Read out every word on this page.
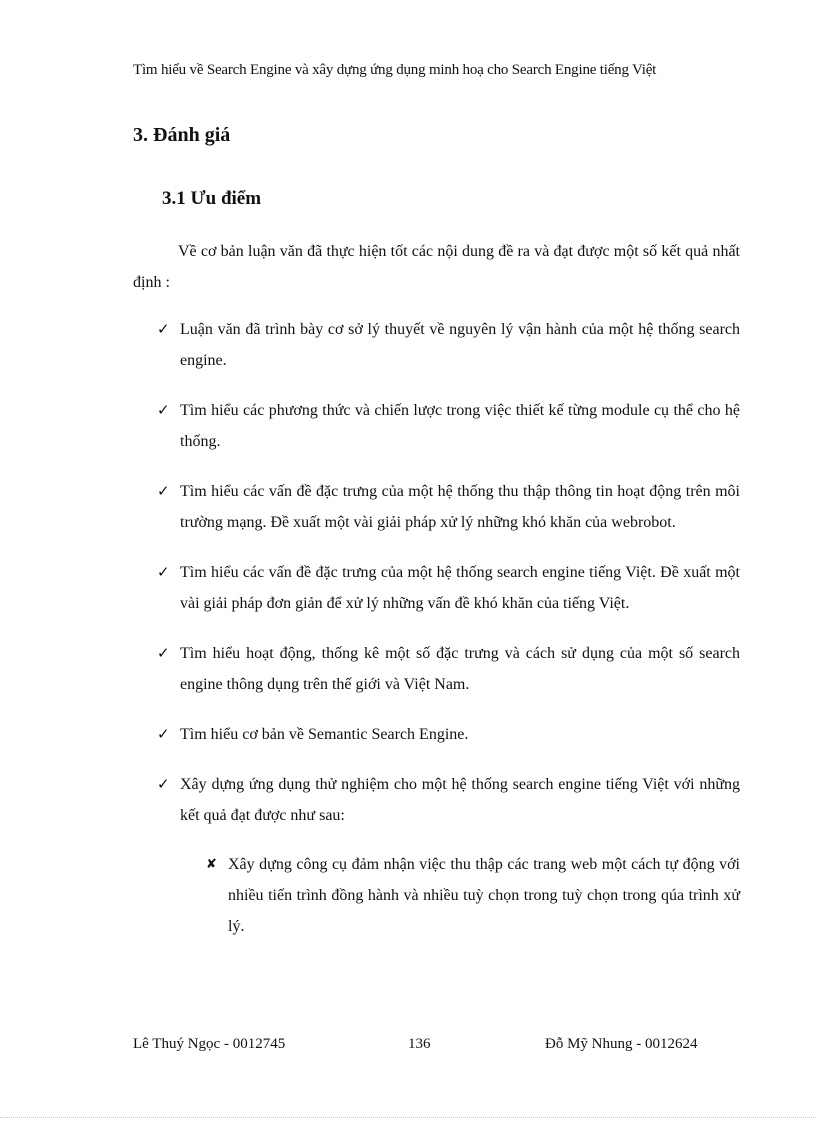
Tìm hiểu về Search Engine và xây dựng ứng dụng minh hoạ cho Search Engine tiếng Việt
3. Đánh giá
3.1 Ưu điểm

Về cơ bản luận văn đã thực hiện tốt các nội dung đề ra và đạt được một số kết quả nhất định :

✓ Luận văn đã trình bày cơ sở lý thuyết về nguyên lý vận hành của một hệ thống search engine.
✓ Tìm hiểu các phương thức và chiến lược trong việc thiết kế từng module cụ thể cho hệ thống.
✓ Tìm hiểu các vấn đề đặc trưng của một hệ thống thu thập thông tin hoạt động trên môi trường mạng. Đề xuất một vài giải pháp xử lý những khó khăn của webrobot.
✓ Tìm hiểu các vấn đề đặc trưng của một hệ thống search engine tiếng Việt. Đề xuất một vài giải pháp đơn giản để xử lý những vấn đề khó khăn của tiếng Việt.
✓ Tìm hiểu hoạt động, thống kê một số đặc trưng và cách sử dụng của một số search engine thông dụng trên thế giới và Việt Nam.
✓ Tìm hiểu cơ bản về Semantic Search Engine.
✓ Xây dựng ứng dụng thử nghiệm cho một hệ thống search engine tiếng Việt với những kết quả đạt được như sau:
✘ Xây dựng công cụ đảm nhận việc thu thập các trang web một cách tự động với nhiều tiến trình đồng hành và nhiều tuỳ chọn trong tuỳ chọn trong qúa trình xử lý.
Lê Thuý Ngọc - 0012745	136	Đỗ Mỹ Nhung - 0012624
